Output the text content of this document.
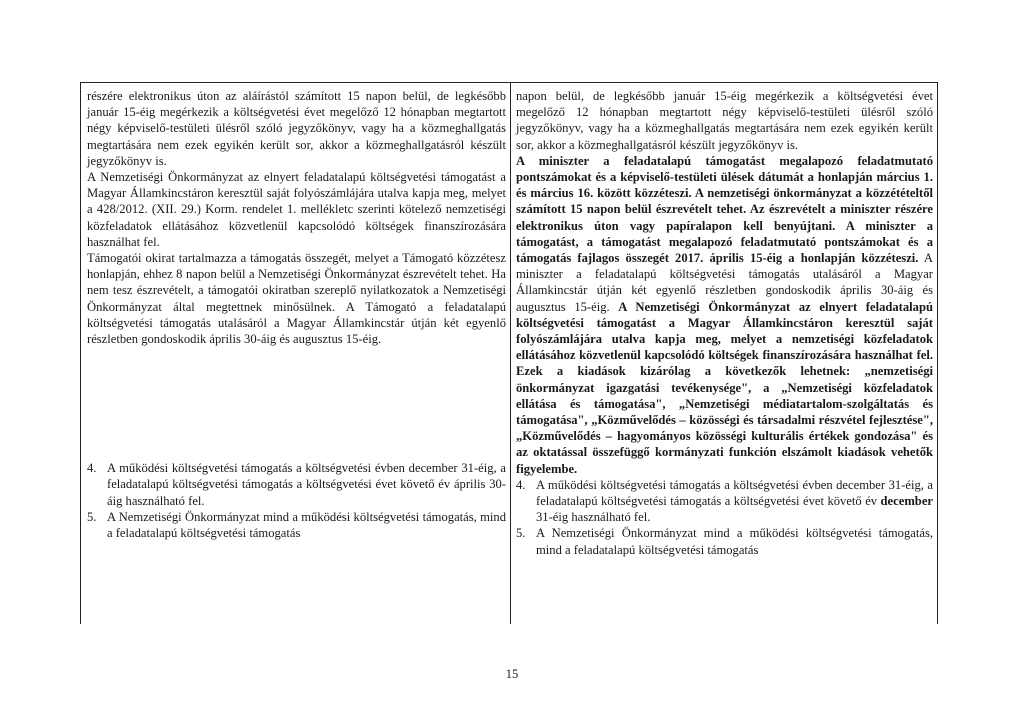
részére elektronikus úton az aláírástól számított 15 napon belül, de legkésőbb január 15-éig megérkezik a költségvetési évet megelőző 12 hónapban megtartott négy képviselő-testületi ülésről szóló jegyzőkönyv, vagy ha a közmeghallgatás megtartására nem ezek egyikén került sor, akkor a közmeghallgatásról készült jegyzőkönyv is.

A Nemzetiségi Önkormányzat az elnyert feladatalapú költségvetési támogatást a Magyar Államkincstáron keresztül saját folyószámlájára utalva kapja meg, melyet a 428/2012. (XII. 29.) Korm. rendelet 1. mellékletc szerinti kötelező nemzetiségi közfeladatok ellátásához közvetlenül kapcsolódó költségek finanszírozására használhat fel.

Támogatói okirat tartalmazza a támogatás összegét, melyet a Támogató közzétesz honlapján, ehhez 8 napon belül a Nemzetiségi Önkormányzat észrevételt tehet. Ha nem tesz észrevételt, a támogatói okiratban szereplő nyilatkozatok a Nemzetiségi Önkormányzat által megtettnek minősülnek. A Támogató a feladatalapú költségvetési támogatás utalásáról a Magyar Államkincstár útján két egyenlő részletben gondoskodik április 30-áig és augusztus 15-éig.

4. A működési költségvetési támogatás a költségvetési évben december 31-éig, a feladatalapú költségvetési támogatás a költségvetési évet követő év április 30-áig használható fel.
5. A Nemzetiségi Önkormányzat mind a működési költségvetési támogatás, mind a feladatalapú költségvetési támogatás

napon belül, de legkésőbb január 15-éig megérkezik a költségvetési évet megelőző 12 hónapban megtartott négy képviselő-testületi ülésről szóló jegyzőkönyv, vagy ha a közmeghallgatás megtartására nem ezek egyikén került sor, akkor a közmeghallgatásról készült jegyzőkönyv is.

A miniszter a feladatalapú támogatást megalapozó feladatmutató pontszámokat és a képviselő-testületi ülések dátumát a honlapján március 1. és március 16. között közzéteszi. A nemzetiségi önkormányzat a közzétételtől számított 15 napon belül észrevételt tehet. Az észrevételt a miniszter részére elektronikus úton vagy papíralapon kell benyújtani. A miniszter a támogatást, a támogatást megalapozó feladatmutató pontszámokat és a támogatás fajlagos összegét 2017. április 15-éig a honlapján közzéteszi. A miniszter a feladatalapú költségvetési támogatás utalásáról a Magyar Államkincstár útján két egyenlő részletben gondoskodik április 30-áig és augusztus 15-éig. A Nemzetiségi Önkormányzat az elnyert feladatalapú költségvetési támogatást a Magyar Államkincstáron keresztül saját folyószámlájára utalva kapja meg, melyet a nemzetiségi közfeladatok ellátásához közvetlenül kapcsolódó költségek finanszírozására használhat fel. Ezek a kiadások kizárólag a következők lehetnek: „nemzetiségi önkormányzat igazgatási tevékenysége", a „Nemzetiségi közfeladatok ellátása és támogatása", „Nemzetiségi médiatartalom-szolgáltatás és támogatása", „Közművelődés – közösségi és társadalmi részvétel fejlesztése", „Közművelődés – hagyományos közösségi kulturális értékek gondozása" és az oktatással összefüggő kormányzati funkción elszámolt kiadások vehetők figyelembe.

4. A működési költségvetési támogatás a költségvetési évben december 31-éig, a feladatalapú költségvetési támogatás a költségvetési évet követő év december 31-éig használható fel.
5. A Nemzetiségi Önkormányzat mind a működési költségvetési támogatás, mind a feladatalapú költségvetési támogatás
15
